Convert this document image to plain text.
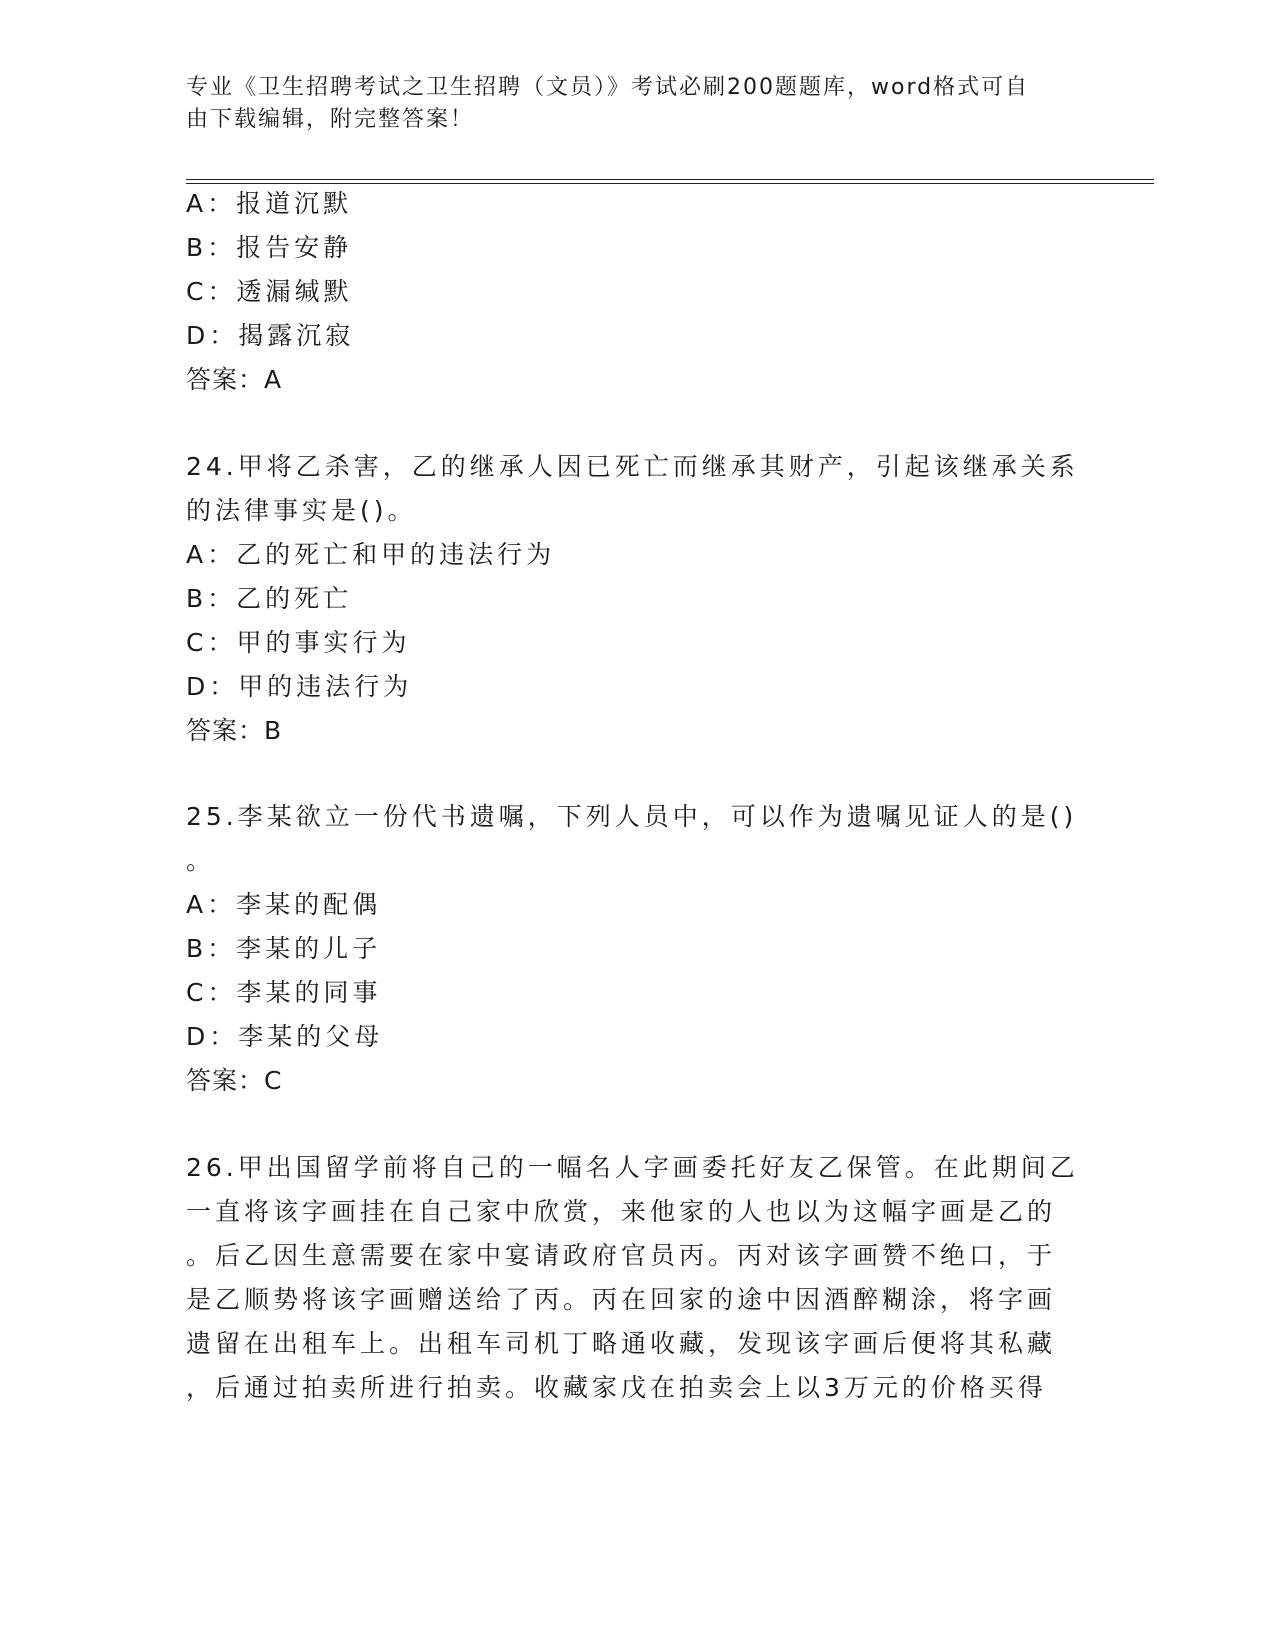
专业《卫生招聘考试之卫生招聘（文员）》考试必刷200题题库，word格式可自
由下载编辑，附完整答案！
A：报道沉默
B：报告安静
C：透漏缄默
D：揭露沉寂
答案：A
24.甲将乙杀害，乙的继承人因已死亡而继承其财产，引起该继承关系
的法律事实是()。
A：乙的死亡和甲的违法行为
B：乙的死亡
C：甲的事实行为
D：甲的违法行为
答案：B
25.李某欲立一份代书遗嘱，下列人员中，可以作为遗嘱见证人的是()
。
A：李某的配偶
B：李某的儿子
C：李某的同事
D：李某的父母
答案：C
26.甲出国留学前将自己的一幅名人字画委托好友乙保管。在此期间乙
一直将该字画挂在自己家中欣赏，来他家的人也以为这幅字画是乙的
。后乙因生意需要在家中宴请政府官员丙。丙对该字画赞不绝口，于
是乙顺势将该字画赠送给了丙。丙在回家的途中因酒醉糊涂，将字画
遗留在出租车上。出租车司机丁略通收藏，发现该字画后便将其私藏
，后通过拍卖所进行拍卖。收藏家戊在拍卖会上以3万元的价格买得
